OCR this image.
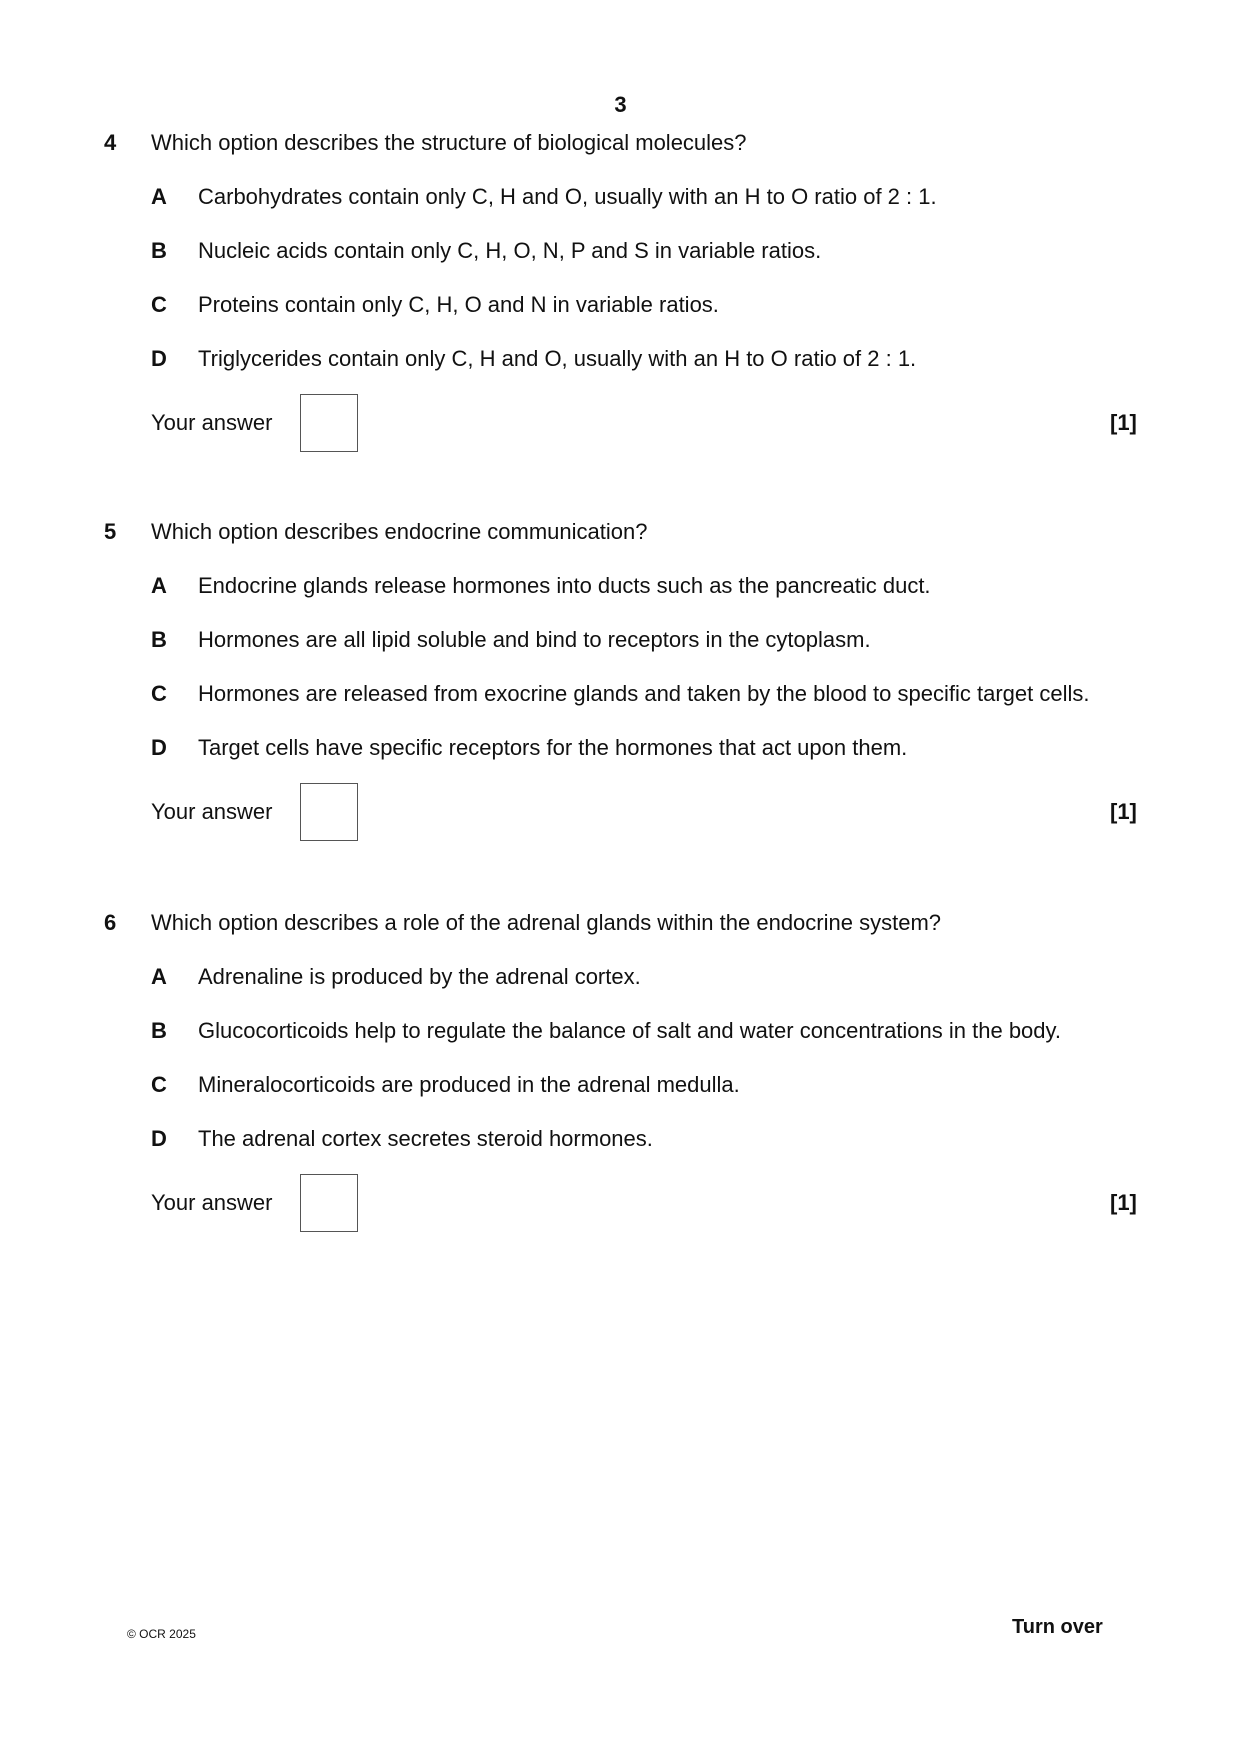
3
4 Which option describes the structure of biological molecules?
A Carbohydrates contain only C, H and O, usually with an H to O ratio of 2 : 1.
B Nucleic acids contain only C, H, O, N, P and S in variable ratios.
C Proteins contain only C, H, O and N in variable ratios.
D Triglycerides contain only C, H and O, usually with an H to O ratio of 2 : 1.
Your answer	[1]
5 Which option describes endocrine communication?
A Endocrine glands release hormones into ducts such as the pancreatic duct.
B Hormones are all lipid soluble and bind to receptors in the cytoplasm.
C Hormones are released from exocrine glands and taken by the blood to specific target cells.
D Target cells have specific receptors for the hormones that act upon them.
Your answer	[1]
6 Which option describes a role of the adrenal glands within the endocrine system?
A Adrenaline is produced by the adrenal cortex.
B Glucocorticoids help to regulate the balance of salt and water concentrations in the body.
C Mineralocorticoids are produced in the adrenal medulla.
D The adrenal cortex secretes steroid hormones.
Your answer	[1]
© OCR 2025	Turn over
